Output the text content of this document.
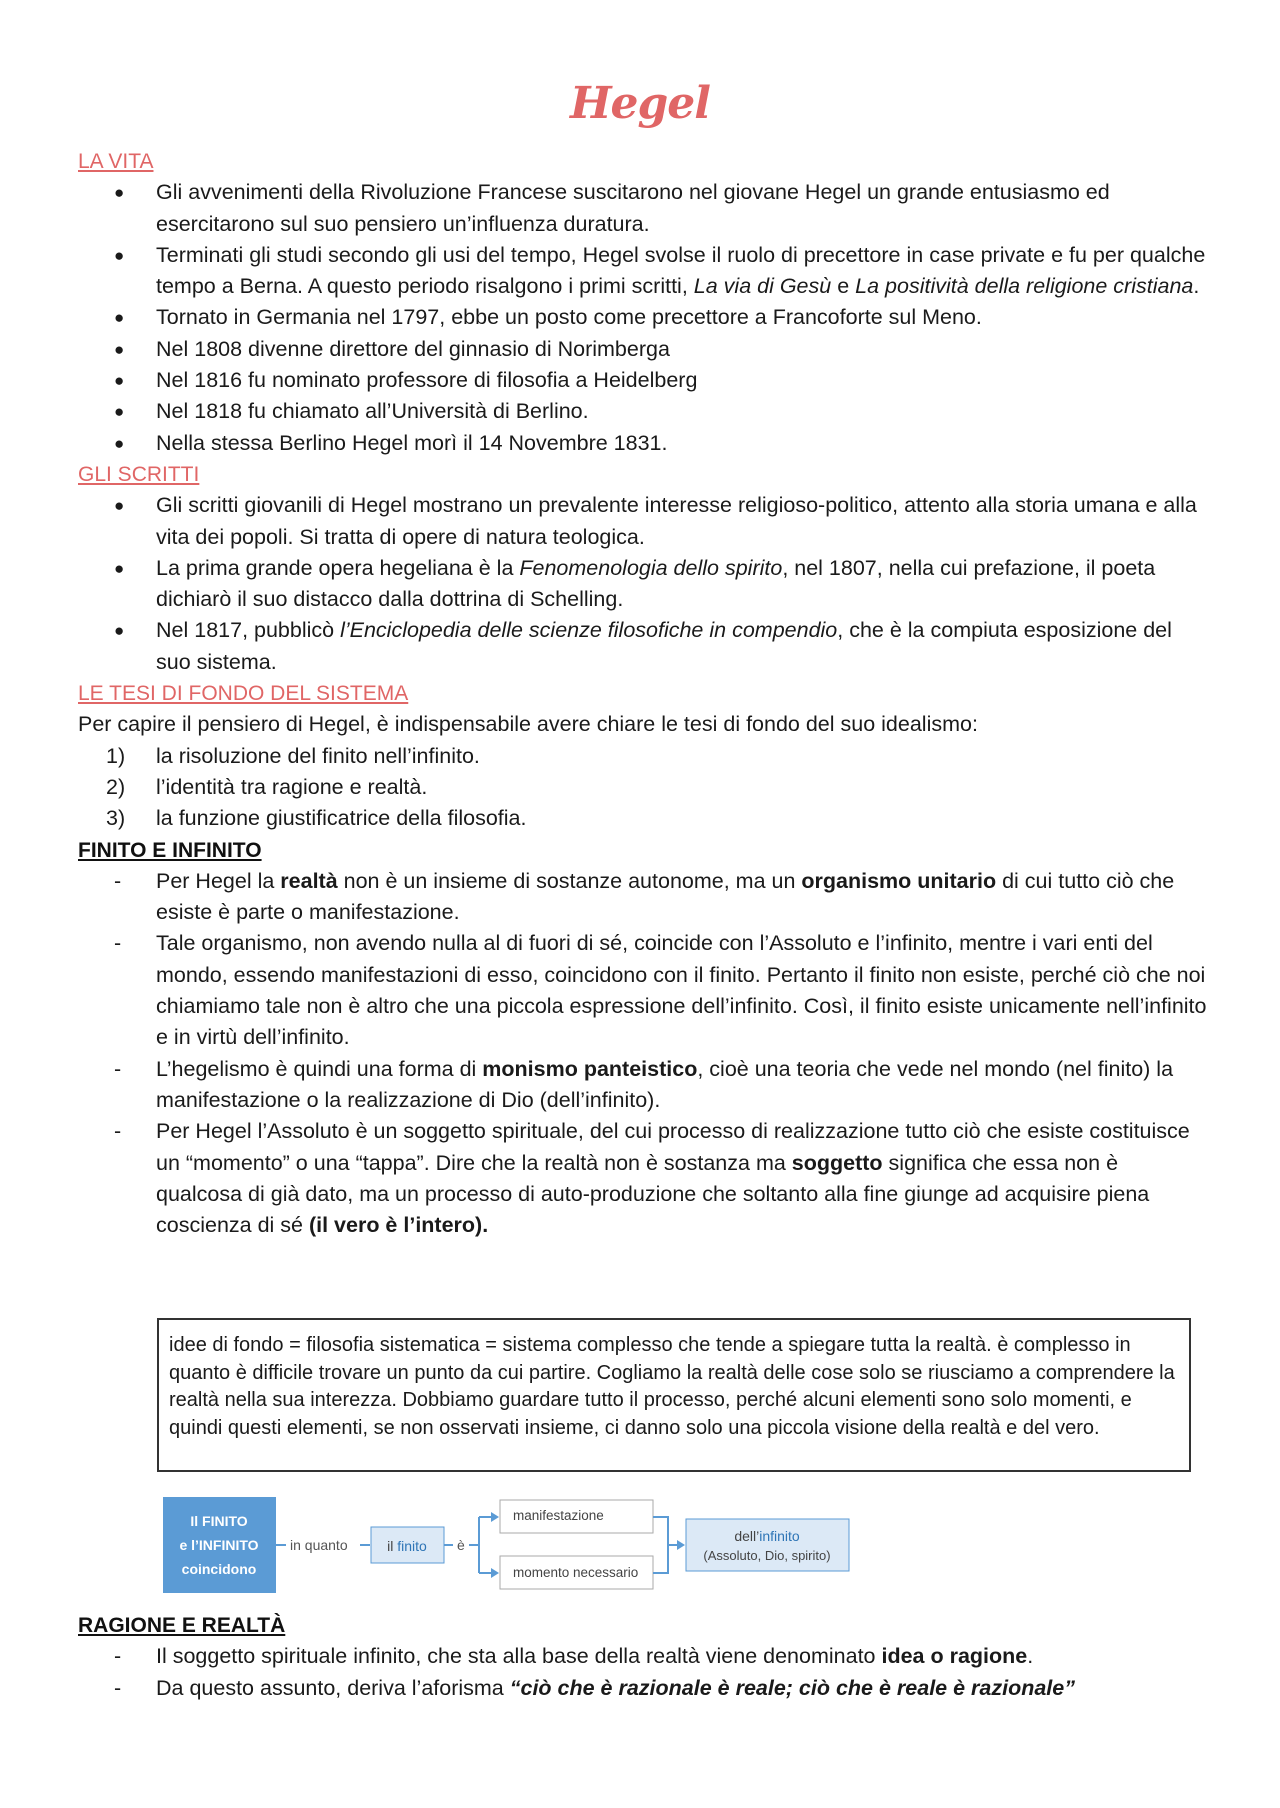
Hegel

LA VITA

● Gli avvenimenti della Rivoluzione Francese suscitarono nel giovane Hegel un grande entusiasmo ed esercitarono sul suo pensiero un’influenza duratura.
● Terminati gli studi secondo gli usi del tempo, Hegel svolse il ruolo di precettore in case private e fu per qualche tempo a Berna. A questo periodo risalgono i primi scritti, La via di Gesù e La positività della religione cristiana.
● Tornato in Germania nel 1797, ebbe un posto come precettore a Francoforte sul Meno.
● Nel 1808 divenne direttore del ginnasio di Norimberga
● Nel 1816 fu nominato professore di filosofia a Heidelberg
● Nel 1818 fu chiamato all’Università di Berlino.
● Nella stessa Berlino Hegel morì il 14 Novembre 1831.

GLI SCRITTI

● Gli scritti giovanili di Hegel mostrano un prevalente interesse religioso-politico, attento alla storia umana e alla vita dei popoli. Si tratta di opere di natura teologica.
● La prima grande opera hegeliana è la Fenomenologia dello spirito, nel 1807, nella cui prefazione, il poeta dichiarò il suo distacco dalla dottrina di Schelling.
● Nel 1817, pubblicò l’Enciclopedia delle scienze filosofiche in compendio, che è la compiuta esposizione del suo sistema.

LE TESI DI FONDO DEL SISTEMA

Per capire il pensiero di Hegel, è indispensabile avere chiare le tesi di fondo del suo idealismo:

1) la risoluzione del finito nell’infinito.
2) l’identità tra ragione e realtà.
3) la funzione giustificatrice della filosofia.

FINITO E INFINITO

- Per Hegel la realtà non è un insieme di sostanze autonome, ma un organismo unitario di cui tutto ciò che esiste è parte o manifestazione.
- Tale organismo, non avendo nulla al di fuori di sé, coincide con l’Assoluto e l’infinito, mentre i vari enti del mondo, essendo manifestazioni di esso, coincidono con il finito. Pertanto il finito non esiste, perché ciò che noi chiamiamo tale non è altro che una piccola espressione dell’infinito. Così, il finito esiste unicamente nell’infinito e in virtù dell’infinito.
- L’hegelismo è quindi una forma di monismo panteistico, cioè una teoria che vede nel mondo (nel finito) la manifestazione o la realizzazione di Dio (dell’infinito).
- Per Hegel l’Assoluto è un soggetto spirituale, del cui processo di realizzazione tutto ciò che esiste costituisce un “momento” o una “tappa”. Dire che la realtà non è sostanza ma soggetto significa che essa non è qualcosa di già dato, ma un processo di auto-produzione che soltanto alla fine giunge ad acquisire piena coscienza di sé (il vero è l’intero).
idee di fondo = filosofia sistematica = sistema complesso che tende a spiegare tutta la realtà. è complesso in quanto è difficile trovare un punto da cui partire. Cogliamo la realtà delle cose solo se riusciamo a comprendere la realtà nella sua interezza. Dobbiamo guardare tutto il processo, perché alcuni elementi sono solo momenti, e quindi questi elementi, se non osservati insieme, ci danno solo una piccola visione della realtà e del vero.
Il FINITO
e l’INFINITO
coincidono
in quanto	il finito è
manifestazione
momento necessario
dell’infinito
(Assoluto, Dio, spirito)

RAGIONE E REALTÀ

- Il soggetto spirituale infinito, che sta alla base della realtà viene denominato idea o ragione.
- Da questo assunto, deriva l’aforisma “ciò che è razionale è reale; ciò che è reale è razionale”
